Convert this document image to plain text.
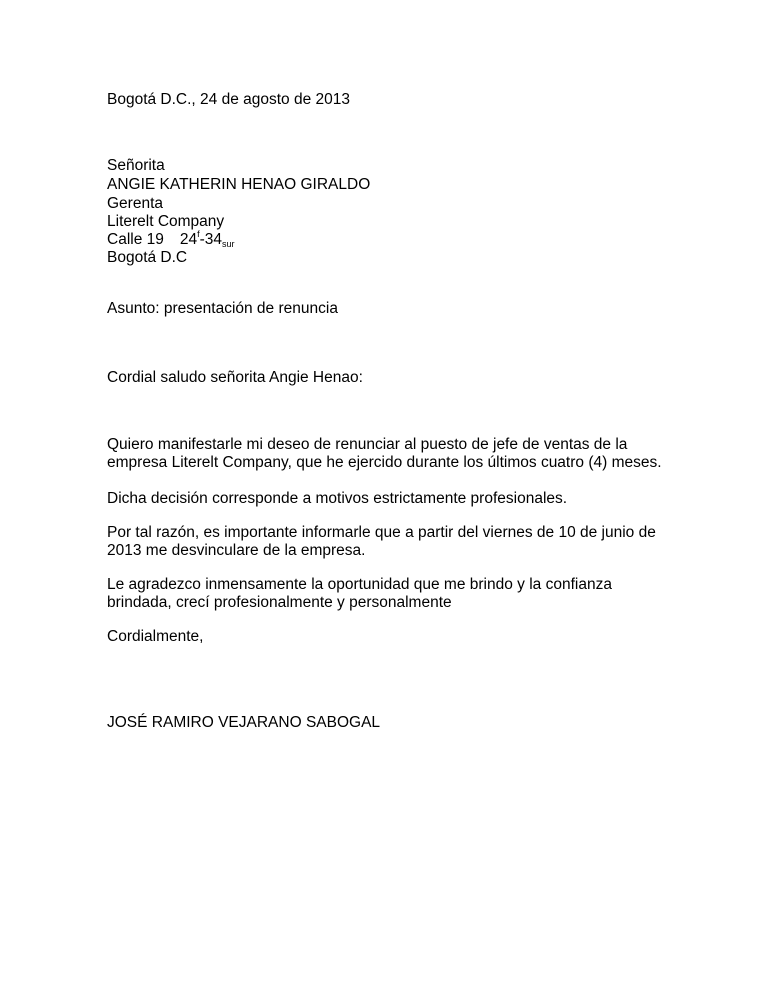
Bogotá D.C., 24 de agosto de 2013

Señorita

ANGIE KATHERIN HENAO GIRALDO

Gerenta

Literelt Company

Calle 19 $24^f-34_{sur}$

Bogotá D.C

Asunto: presentación de renuncia

Cordial saludo señorita Angie Henao:

Quiero manifestarle mi deseo de renunciar al puesto de jefe de ventas de la

empresa Literelt Company, que he ejercido durante los últimos cuatro (4) meses.

Dicha decisión corresponde a motivos estrictamente profesionales.

Por tal razón, es importante informarle que a partir del viernes de 10 de junio de

2013 me desvinculare de la empresa.

Le agradezco inmensamente la oportunidad que me brindo y la confianza

brindada, crecí profesionalmente y personalmente

Cordialmente,

JOSÉ RAMIRO VEJARANO SABOGAL
